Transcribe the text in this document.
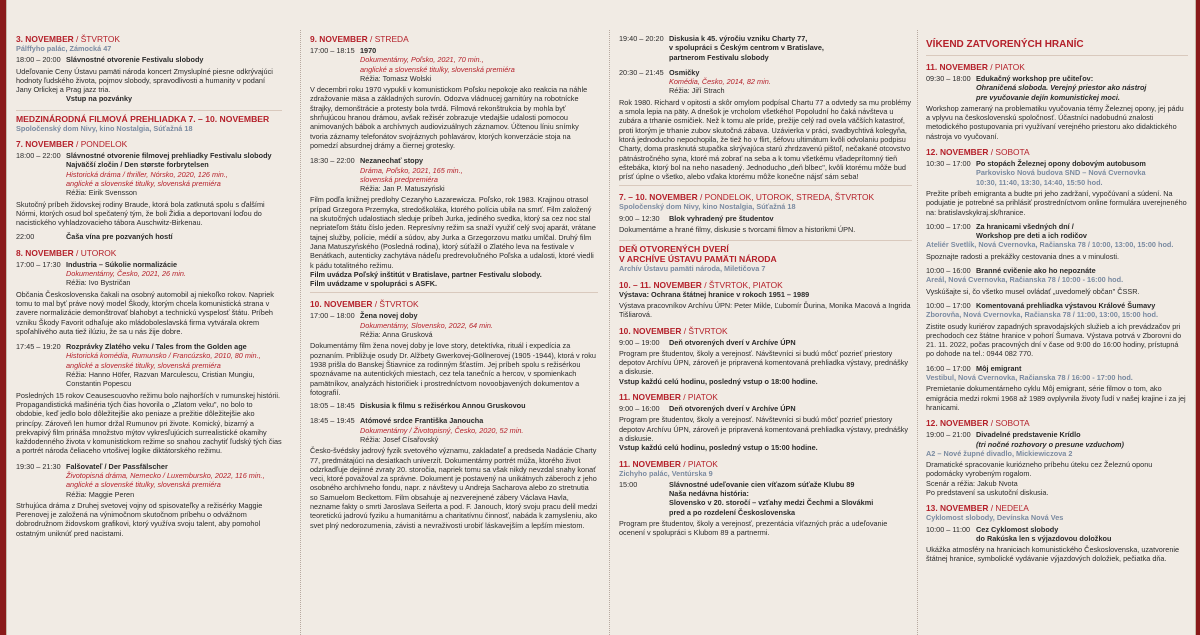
3. NOVEMBER / ŠTVRTOK
Pálffyho palác, Zámocká 47
18:00 – 20:00 Slávnostné otvorenie Festivalu slobody
Udeľovanie Ceny Ústavu pamäti národa koncert Zmysluplné piesne odkrývajúci hodnoty ľudského života, pojmov slobody, spravodlivosti a humanity v podaní Jany Orlickej a Prag jazz tria.
Vstup na pozvánky
MEDZINÁRODNÁ FILMOVÁ PREHLIADKA 7. – 10. NOVEMBER
Spoločenský dom Nivy, kino Nostalgia, Súťažná 18
7. NOVEMBER / PONDELOK
18:00 – 22:00 Slávnostné otvorenie filmovej prehliadky Festivalu slobody
Najväčší zločin / Den største forbrytelsen
Historická dráma / thriller, Nórsko, 2020, 126 min.,
anglické a slovenské titulky, slovenská premiéra
Réžia: Eirik Svensson
Skutočný príbeh židovskej rodiny Braude, ktorá bola zatknutá spolu s ďalšími Nórmi, ktorých osud bol spečatený tým, že boli Židia a deportovaní loďou do nacistického vyhladzovacieho tábora Auschwitz-Birkenau.
22:00	Čaša vína pre pozvaných hostí
8. NOVEMBER / UTOROK
17:00 – 17:30 Industria – Súkolie normalizácie
Dokumentárny, Česko, 2021, 26 min.
Réžia: Ivo Bystričan
Občania Československa čakali na osobný automobil aj niekoľko rokov. Napriek tomu to mal byť práve nový model Škody, ktorým chcela komunistická strana v zavere normalizácie demonštrovať blahobyt a technickú vyspelosť štátu. Príbeh vzniku Škody Favorit odhaľuje ako mládoboleslavská firma vytvárala okrem spoľahlivého auta tiež ilúziu, že sa u nás žije dobre.
17:45 – 19:20 Rozprávky Zlatého veku / Tales from the Golden age
Historická komédia, Rumunsko / Francúzsko, 2010, 80 min.,
anglické a slovenské titulky, slovenská premiéra
Réžia: Hanno Höfer, Razvan Marculescu, Cristian Mungiu,
Constantin Popescu
Posledných 15 rokov Ceausescuovho režimu bolo najhorších v rumunskej histórii. Propagandistická mašinéria tých čias hovorila o „Zlatom veku", no bolo to obdobie, keď jedlo bolo dôležitejšie ako peniaze a prežitie dôležitejšie ako princípy. Zároveň len humor držal Rumunov pri živote. Komický, bizarný a prekvapivý film prináša množstvo mýtov vykresľujúcich surrealistické okamihy každodenného života v komunistickom režime so snahou zachytiť ľudský tých čias a portrét národa čeliaceho vrtošivej logike diktátorského režimu.
19:30 – 21:30 Falšovateľ / Der Passfälscher
Životopisná dráma, Nemecko / Luxembursko, 2022, 116 min.,
anglické a slovenské titulky, slovenská premiéra
Réžia: Maggie Peren
Strhujúca dráma z Druhej svetovej vojny od spisovateľky a režisérky Maggie Perenovej je založená na výnimočnom skutočnom príbehu o odvážnom dobrodružnom židovskom grafikovi, ktorý využíva svoju talent, aby pomohol ostatným uniknúť pred nacistami.
9. NOVEMBER / STREDA
17:00 – 18:15 1970
Dokumentárny, Poľsko, 2021, 70 min.,
anglické a slovenské titulky, slovenská premiéra
Réžia: Tomasz Wolski
V decembri roku 1970 vypukli v komunistickom Poľsku nepokoje ako reakcia na náhle zdražovanie mäsa a základných surovín. Odozva vládnucej garnitúry na robotnícke štrajky, demonštrácie a protesty bola tvrdá. Filmová rekonštrukcia by mohla byť shrňujúcou hranou drámou, avšak režisér zobrazuje vtedajšie udalosti pomocou animovaných bábok a archívnych audiovizuálnych záznamov. Účtenou líniu snímky tvoria záznamy telefonátov svojráznych pohlavárov, ktorých konverzácie stoja na pomedzí absurdnej drámy a čiernej grotesky.
18:30 – 22:00 Nezanechať stopy
Dráma, Poľsko, 2021, 165 min.,
slovenská predpremiéra
Réžia: Jan P. Matuszyński
Film podľa knižnej predlohy Cezaryho Łazarewicza. Poľsko, rok 1983. Krajinou otrasol prípad Grzegora Przemyka, stredoškoláka, ktorého polícia ubila na smrť. Film založený na skutočných udalostiach sleduje príbeh Jurka, jediného svedka, ktorý sa cez noc stal nepriateľom štátu číslo jeden. Represívny režim sa snaží využiť celý svoj aparát, vrátane tajnej služby, polície, médií a súdov, aby Jurka a Grzegorzovu matku umlčal. Druhý film Jana Matuszyńského (Posledná rodina), ktorý súťažil o Zlatého leva na festivale v Benátkach, autenticky zachytáva nádeľu predrevolučného Poľska a udalosti, ktoré viedli k pádu totalitného režimu.
Film uvádza Poľský inštitút v Bratislave, partner Festivalu slobody.
Film uvádzame v spolupráci s ASFK.
10. NOVEMBER / ŠTVRTOK
17:00 – 18:00 Žena novej doby
Dokumentárny, Slovensko, 2022, 64 min.
Réžia: Anna Grusková
Dokumentárny film žena novej doby je love story, detektívka, rituál i expedícia za poznaním. Približuje osudy Dr. Alžbety Gwerkovej-Göllnerovej (1905 -1944), ktorá v roku 1938 prišla do Banskej Štiavnice za rodinným šťastím. Jej príbeh spolu s režisérkou spoznávame na autentických miestach, cez tela tanečníc a hercov, v spomienkach pamätníkov, analyzách historičiek i prostredníctvom novoobjavených dokumentov a fotografií.
18:05 – 18:45 Diskusia k filmu s režisérkou Annou Gruskovou
18:45 – 19:45 Atómové srdce Františka Janoucha
Dokumentárny / Životopisný, Česko, 2020, 52 min.
Réžia: Josef Císařovský
Česko-švédsky jadrový fyzik svetového významu, zakladateľ a predseda Nadácie Charty 77, predmátajúci na desiatkach univerzít. Dokumentárny portrét múža, ktorého život odzrkadľuje dejinné zvraty 20. storočia, napriek tomu sa však nikdy nevzdal snahy konať veci, ktoré považoval za správne. Dokument je postavený na unikátnych záberoch z jeho osobného archívneho fondu, napr. z návštevy u Andreja Sacharova alebo zo stretnutia so Samuelom Beckettom. Film obsahuje aj nezverejnené zábery Václava Havla, nezname fakty o smrti Jaroslava Seiferta a pod. F. Janouch, ktorý svoju pracu delil medzi teoretickú jadrovú fyziku a humanitárnu a charitatívnu činnosť, nabáda k zamysleniu, ako svet plný nedorozumenia, závisti a nevraživosti urobiť láskavejším a lepším miestom.
19:40 – 20:20 Diskusia k 45. výročiu vzniku Charty 77,
v spolupráci s Českým centrom v Bratislave,
partnerom Festivalu slobody
20:30 – 21:45 Osmičky
Komédia, Česko, 2014, 82 min.
Réžia: Jiří Strach
Rok 1980. Richard v opitosti a skôr omylom podpísal Chartu 77 a odvtedy sa mu problémy a smola lepia na päty. A dnešok je vrcholom všetkého! Popoludní ho čaká návšteva u zubára a trhanie osmičiek. Než k tomu ale príde, prežije celý rad ovela väčších katastrof, proti ktorým je trhanie zubov skutočná zábava. Uzávierka v práci, svadbychtivá kolegyňa, ktorá jednoducho nepochopila, že tiež ho v flirt, šéfovu ultimátum kvôli odvolaniu podpisu Charty, doma prasknutá stupačka skrývajúca starú zhrdzavenú pištoľ, nečakané otcovstvo pätnástročného syna, ktoré má zobrať na seba a k tomu všetkému všadeprítomný tieň eštebáka, ktorý bol na neho nasadený. Jednoducho „deň blbec", kvôli ktorému môže bud prísť úplne o všetko, alebo vďaka ktorému môže konečne nájsť sám seba!
7. – 10. NOVEMBER / PONDELOK, UTOROK, STREDA, ŠTVRTOK
Spoločenský dom Nivy, kino Nostalgia, Súťažná 18
9:00 – 12:30	Blok vyhradený pre študentov
Dokumentárne a hrané filmy, diskusie s tvorcami filmov a historikmi ÚPN.
DEŇ OTVORENÝCH DVERÍ
V ARCHÍVE ÚSTAVU PAMÄTI NÁRODA
Archív Ústavu pamäti národa, Miletičova 7
10. – 11. NOVEMBER / ŠTVRTOK, PIATOK
Výstava: Ochrana štátnej hranice v rokoch 1951 – 1989
Výstava pracovníkov Archívu ÚPN: Peter Mikle, Ľubomír Ďurina, Monika Macová a Ingrida Tišliarová.
10. NOVEMBER / ŠTVRTOK
9:00 – 19:00	Deň otvorených dverí v Archíve ÚPN
Program pre študentov, školy a verejnosť. Návštevníci si budú môcť pozrieť priestory depotov Archívu ÚPN, zároveň je pripravená komentovaná prehliadka výstavy, prednášky a diskusie.
Vstup každú celú hodinu, posledný vstup o 18:00 hodine.
11. NOVEMBER / PIATOK
9:00 – 16:00	Deň otvorených dverí v Archíve ÚPN
Program pre študentov, školy a verejnosť. Návštevníci si budú môcť pozrieť priestory depotov Archívu ÚPN, zároveň je pripravená komentovaná prehliadka výstavy, prednášky a diskusie.
Vstup každú celú hodinu, posledný vstup o 15:00 hodine.
11. NOVEMBER / PIATOK
Zichyho palác, Ventúrska 9
15:00	Slávnostné udeľovanie cien víťazom súťaže Klubu 89
Naša nedávna história:
Slovensko v 20. storočí – vzťahy medzi Čechmi a Slovákmi
pred a po rozdelení Československa
Program pre študentov, školy a verejnosť, prezentácia víťazných prác a udeľovanie ocenení v spolupráci s Klubom 89 a partnermi.
VÍKEND ZATVORENÝCH HRANÍC
11. NOVEMBER / PIATOK
09:30 – 18:00 Edukačný workshop pre učiteľov:
Ohraničená sloboda. Verejný priestor ako nástroj
pre vyučovanie dejín komunistickej moci.
Workshop zameraný na problematiku vyučovania témy Železnej opony, jej pádu a vplyvu na československú spoločnosť. Účastníci nadobudnú znalosti metodického postupovania pri využívaní verejného priestoru ako didaktického nástroja vo vyučovaní.
12. NOVEMBER / SOBOTA
10:30 – 17:00 Po stopách Železnej opony dobovým autobusom
Parkovisko Nová budova SND – Nová Cvernovka
10:30, 11:40, 13:30, 14:40, 15:50 hod.
Prežite príbeh emigranta a budte pri jeho zadržaní, vypočúvaní a súdení. Na podujatie je potrebné sa prihlásiť prostredníctvom online formulára uverejneného na: bratislavskykraj.sk/hranice.
10:00 – 17:00 Za hranicami všedných dní /
Workshop pre deti a ich rodičov
Ateliér Svetlík, Nová Cvernovka, Račianska 78 / 10:00, 13:00, 15:00 hod.
Spoznajte radosti a prekážky cestovania dnes a v minulosti.
10:00 – 16:00 Branné cvičenie ako ho nepoznáte
Areál, Nová Cvernovka, Račianska 78 / 10:00 - 16:00 hod.
Vyskúšajte si, čo všetko musel ovládať „uvedomelý občan" ČSSR.
10:00 – 17:00 Komentovaná prehliadka výstavou Králové Šumavy
Zborovňa, Nová Cvernovka, Račianska 78 / 11:00, 13:00, 15:00 hod.
Zistite osudy kuriérov zapadných spravodajských služieb a ich prevádzačov pri prechodoch cez štátne hranice v pohorí Šumava. Výstava potrvá v Zborovni do 21. 11. 2022, počas pracovných dní v čase od 9:00 do 16:00 hodiny, prístupná po dohode na tel.: 0944 082 770.
16:00 – 17:00 Môj emigrant
Vestibul, Nová Cvernovka, Račianska 78 / 16:00 - 17:00 hod.
Premietanie dokumentárneho cyklu Môj emigrant, série filmov o tom, ako emigrácia medzi rokmi 1968 až 1989 ovplyvnila životy ľudí v našej krajine i za jej hranicami.
12. NOVEMBER / SOBOTA
19:00 – 21:00 Divadelné predstavenie Krídlo
(tri nočné rozhovory o presune vzduchom)
A2 – Nové župné divadlo, Mickiewiczova 2
Dramatické spracovanie kurióznеho príbehu úteku cez Železnú oponu podomácky vyrobeným rogalom.
Scenár a réžia: Jakub Nvota
Po predstavení sa uskutoční diskusia.
13. NOVEMBER / NEDEĽA
Cyklomost slobody, Devínska Nová Ves
10:00 – 11:00 Cez Cyklomost slobody
do Rakúska len s výjazdovou doložkou
Ukážka atmosféry na hraniciach komunistického Československa, uzatvorenie štátnej hranice, symbolické vydávanie výjazdových doložiek, pečiatka dňa.
